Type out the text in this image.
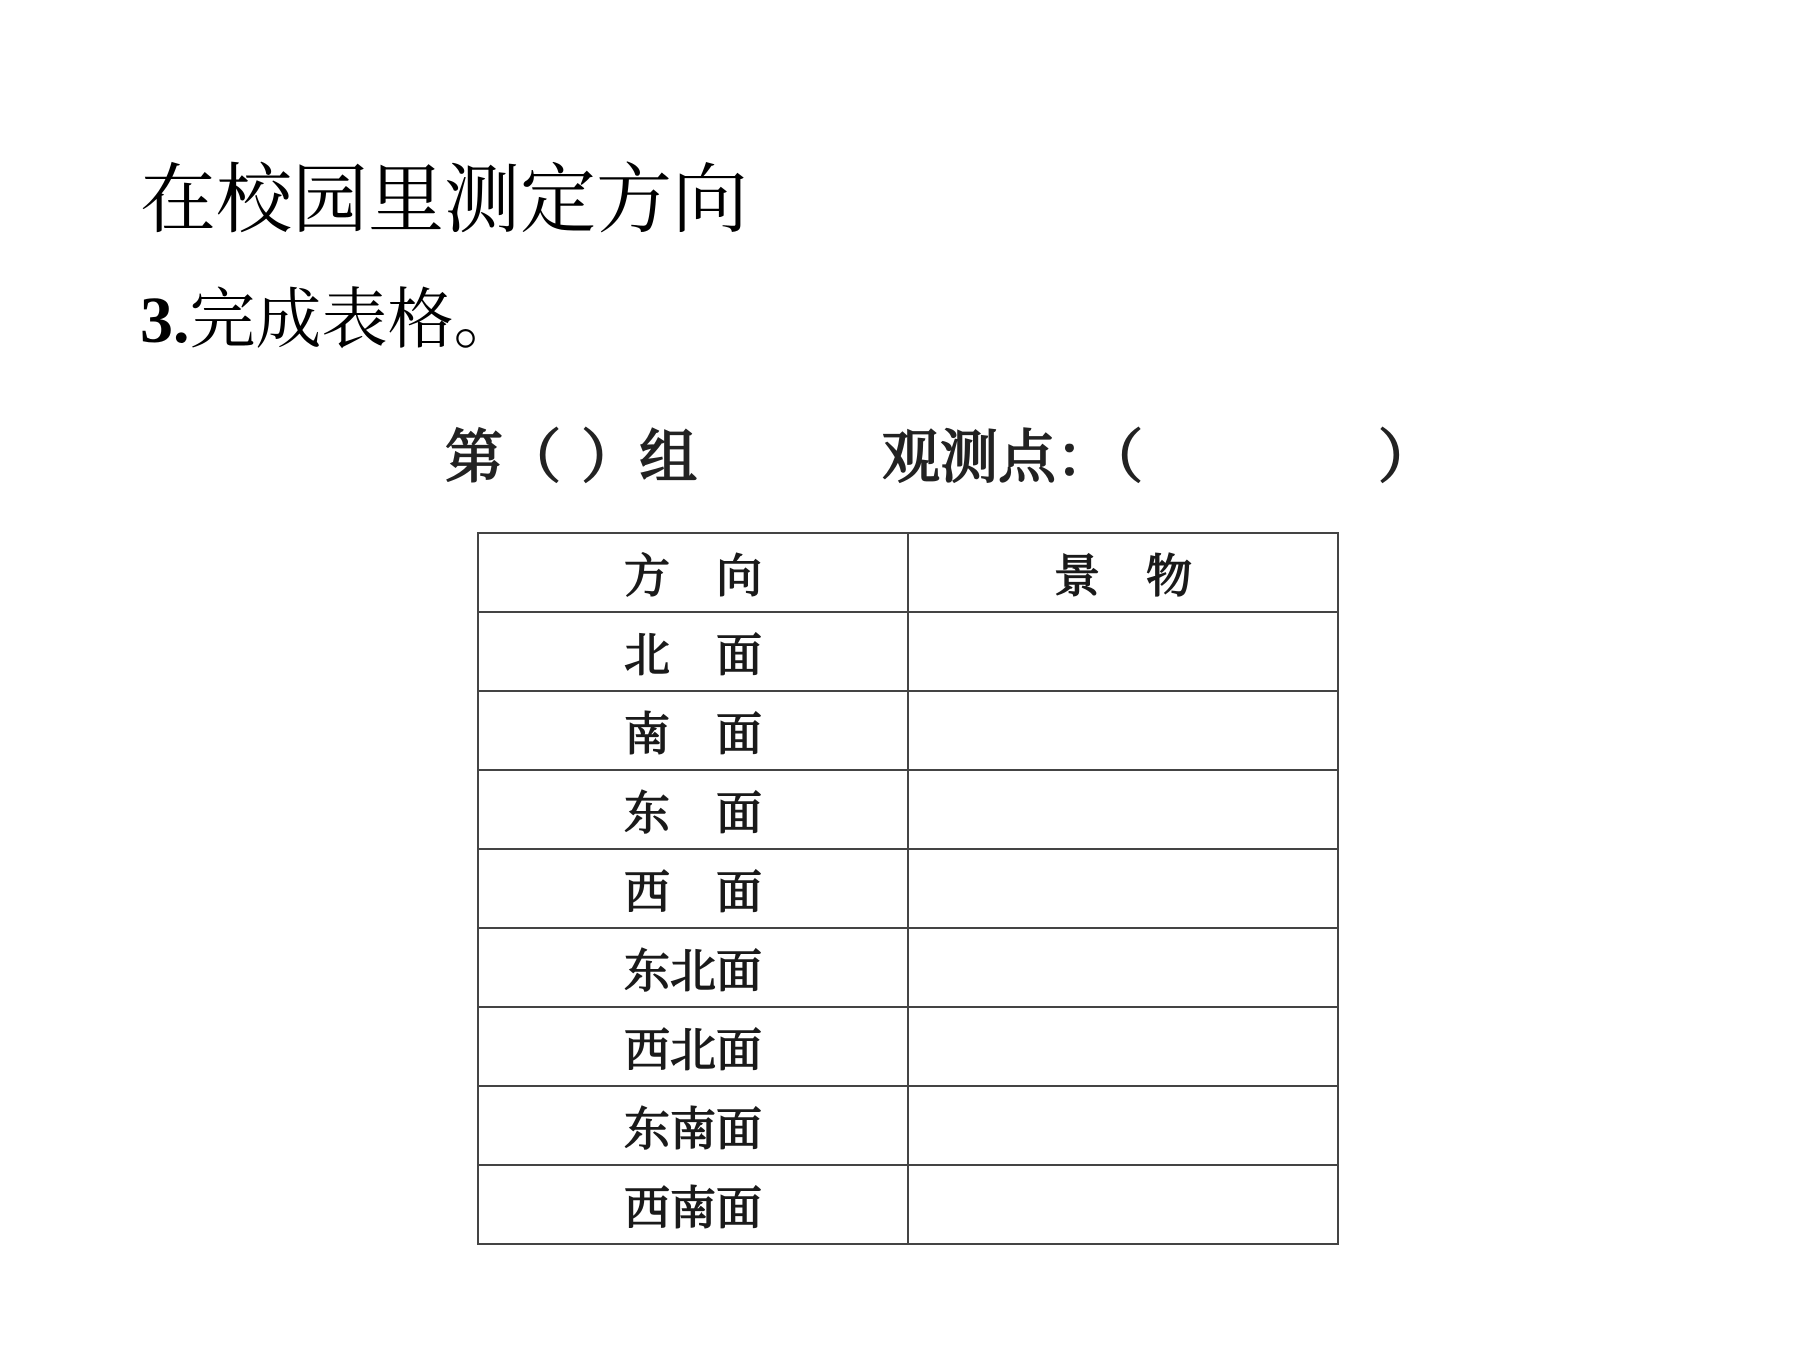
在校园里测定方向
3.完成表格。
第（ ）组	观测点：（	）
方　向	景　物
北　面	
南　面	
东　面	
西　面	
东北面	
西北面	
东南面	
西南面	
